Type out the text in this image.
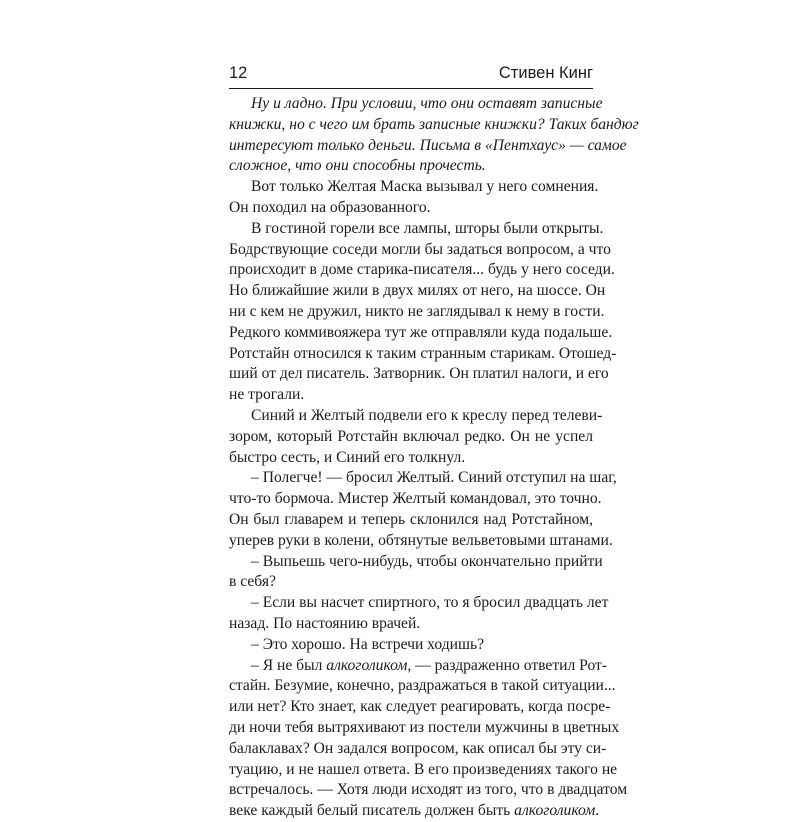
12	Стивен Кинг
Ну и ладно. При условии, что они оставят записные
книжки, но с чего им брать записные книжки? Таких бандюг
интересуют только деньги. Письма в «Пентхаус» — самое
сложное, что они способны прочесть.
Вот только Желтая Маска вызывал у него сомнения.
Он походил на образованного.
В гостиной горели все лампы, шторы были открыты.
Бодрствующие соседи могли бы задаться вопросом, а что
происходит в доме старика-писателя... будь у него соседи.
Но ближайшие жили в двух милях от него, на шоссе. Он
ни с кем не дружил, никто не заглядывал к нему в гости.
Редкого коммивояжера тут же отправляли куда подальше.
Ротстайн относился к таким странным старикам. Отошед-
ший от дел писатель. Затворник. Он платил налоги, и его
не трогали.
Синий и Желтый подвели его к креслу перед телеви-
зором, который Ротстайн включал редко. Он не успел
быстро сесть, и Синий его толкнул.
– Полегче! — бросил Желтый. Синий отступил на шаг,
что-то бормоча. Мистер Желтый командовал, это точно.
Он был главарем и теперь склонился над Ротстайном,
уперев руки в колени, обтянутые вельветовыми штанами.
– Выпьешь чего-нибудь, чтобы окончательно прийти
в себя?
– Если вы насчет спиртного, то я бросил двадцать лет
назад. По настоянию врачей.
– Это хорошо. На встречи ходишь?
– Я не был алкоголиком, — раздраженно ответил Рот-
стайн. Безумие, конечно, раздражаться в такой ситуации...
или нет? Кто знает, как следует реагировать, когда посре-
ди ночи тебя вытряхивают из постели мужчины в цветных
балаклавах? Он задался вопросом, как описал бы эту си-
туацию, и не нашел ответа. В его произведениях такого не
встречалось. — Хотя люди исходят из того, что в двадцатом
веке каждый белый писатель должен быть алкоголиком.
